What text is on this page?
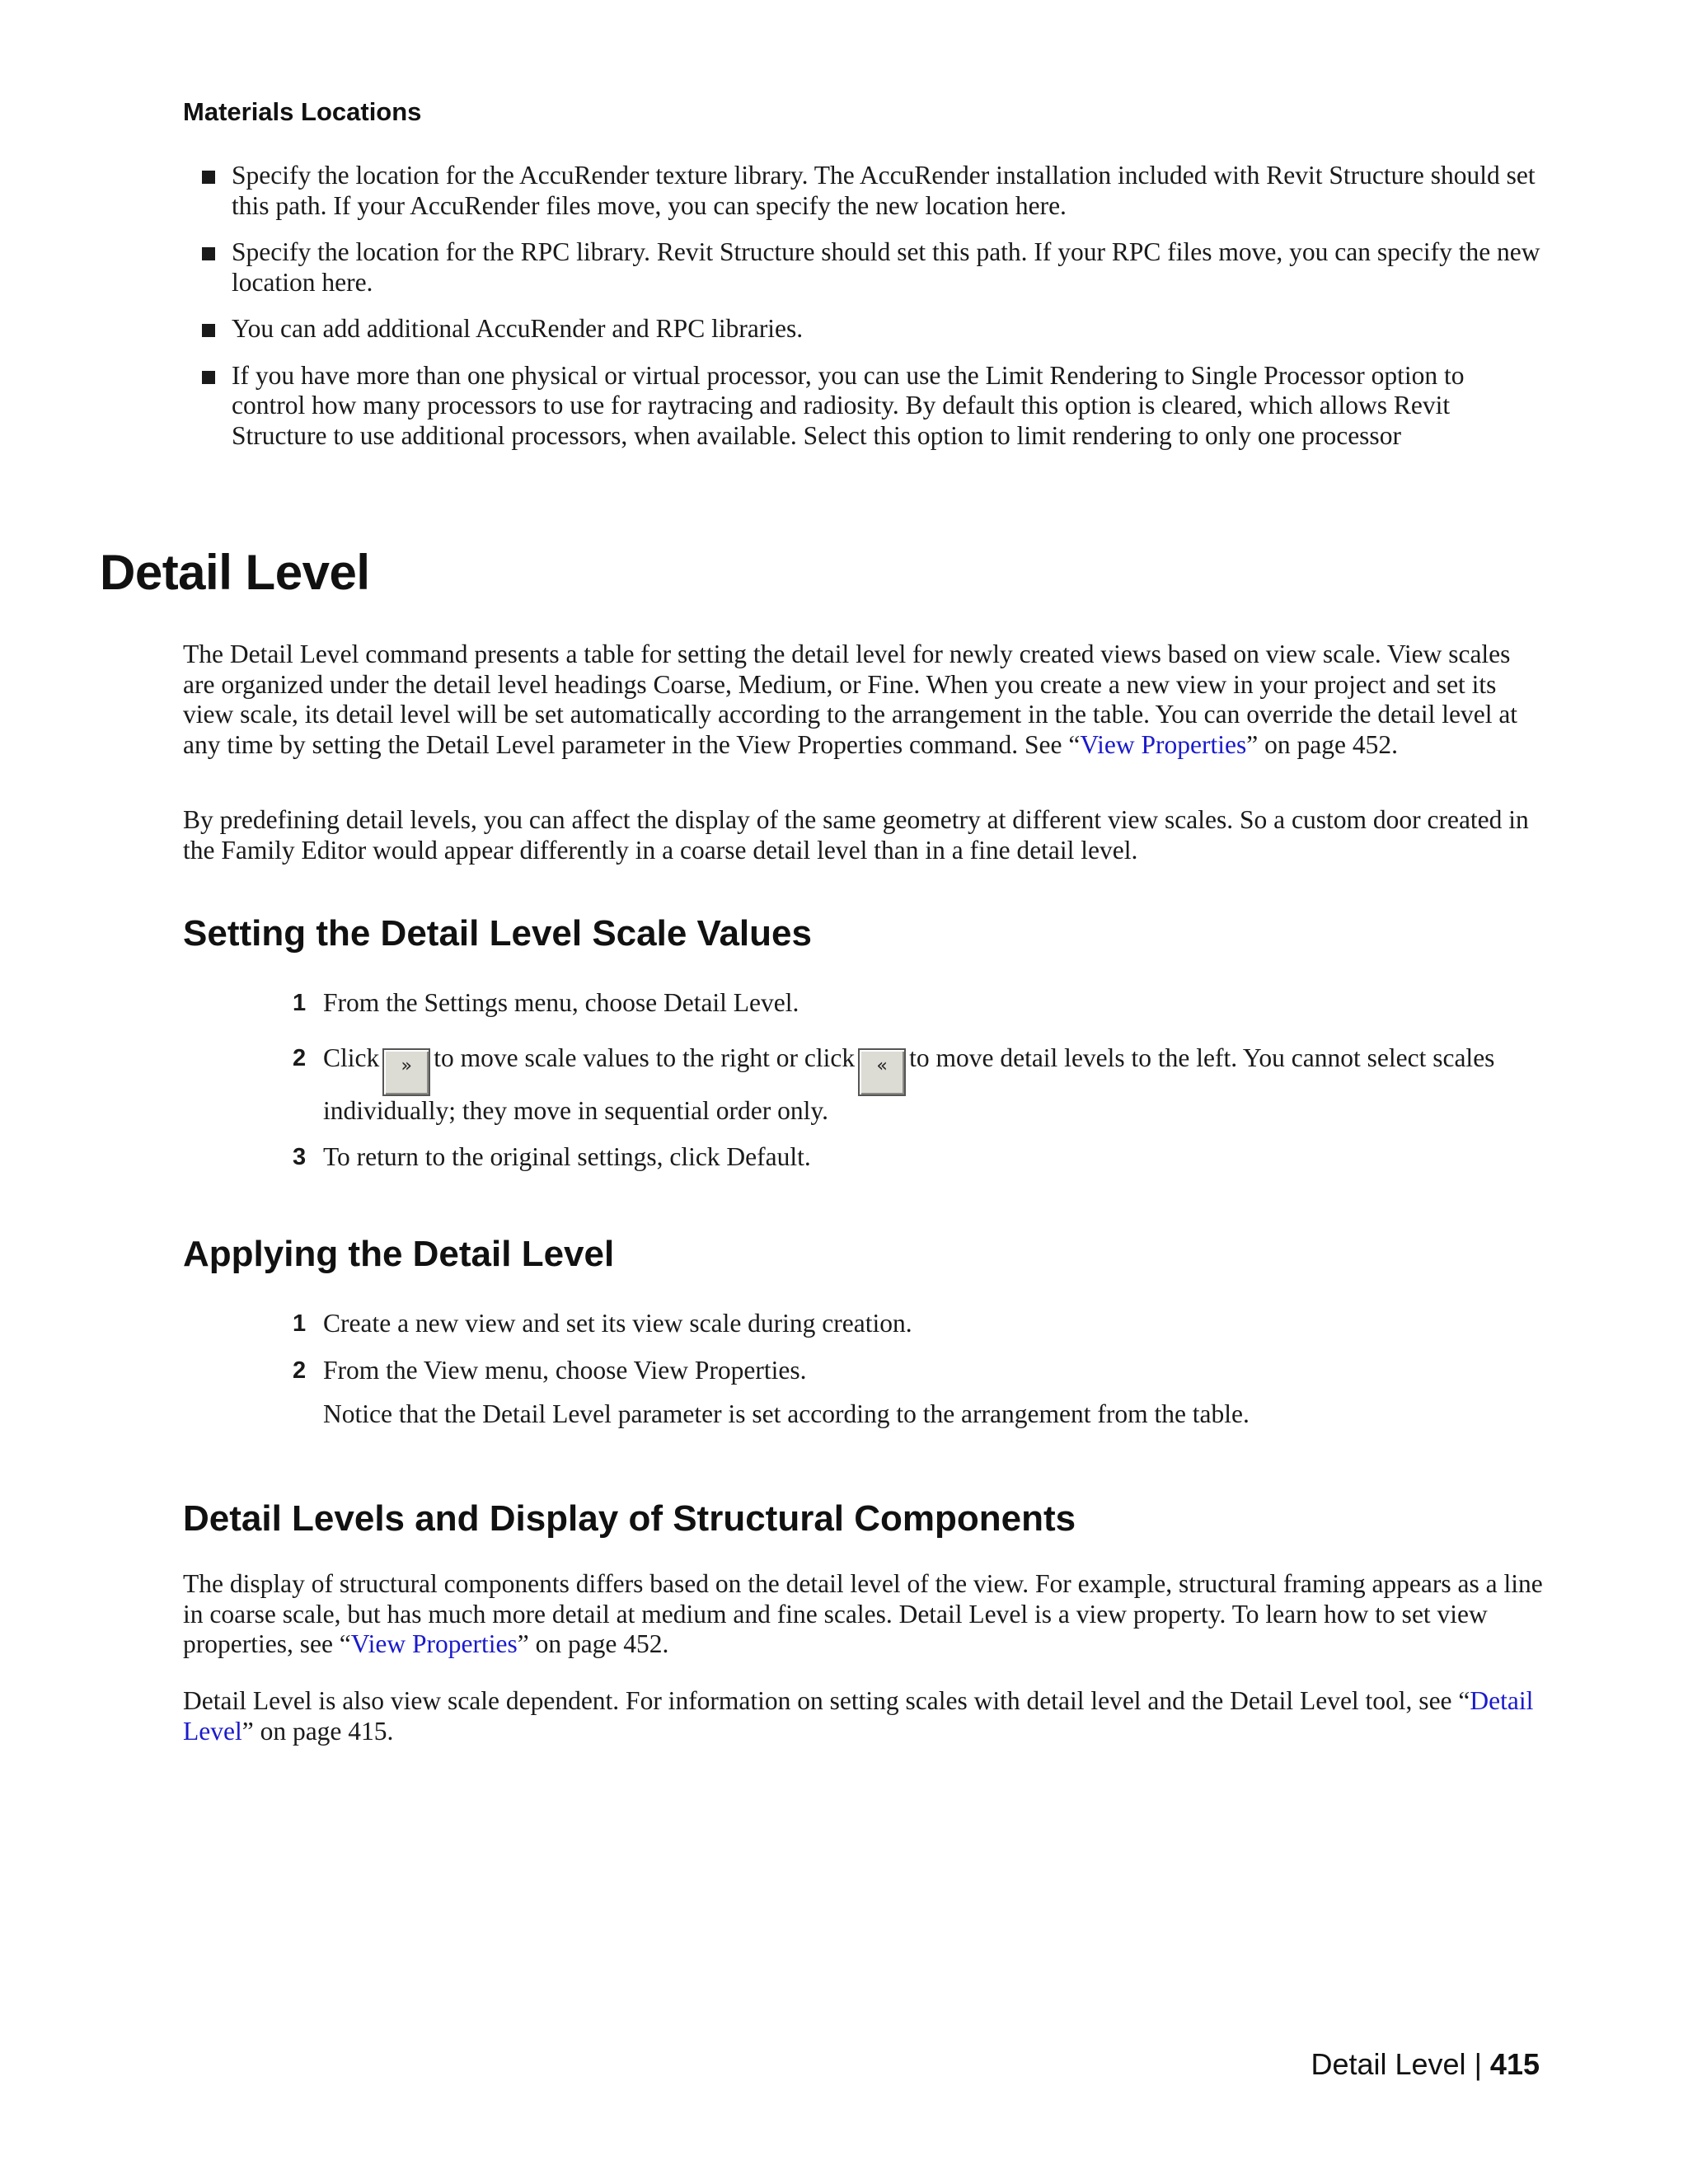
Materials Locations
Specify the location for the AccuRender texture library. The AccuRender installation included with Revit Structure should set this path. If your AccuRender files move, you can specify the new location here.
Specify the location for the RPC library. Revit Structure should set this path. If your RPC files move, you can specify the new location here.
You can add additional AccuRender and RPC libraries.
If you have more than one physical or virtual processor, you can use the Limit Rendering to Single Processor option to control how many processors to use for raytracing and radiosity. By default this option is cleared, which allows Revit Structure to use additional processors, when available. Select this option to limit rendering to only one processor
Detail Level

The Detail Level command presents a table for setting the detail level for newly created views based on view scale. View scales are organized under the detail level headings Coarse, Medium, or Fine. When you create a new view in your project and set its view scale, its detail level will be set automatically according to the arrangement in the table. You can override the detail level at any time by setting the Detail Level parameter in the View Properties command. See “View Properties” on page 452.

By predefining detail levels, you can affect the display of the same geometry at different view scales. So a custom door created in the Family Editor would appear differently in a coarse detail level than in a fine detail level.

Setting the Detail Level Scale Values
1 From the Settings menu, choose Detail Level.
2 Click » to move scale values to the right or click « to move detail levels to the left. You cannot select scales individually; they move in sequential order only.
3 To return to the original settings, click Default.
Applying the Detail Level
1 Create a new view and set its view scale during creation.
2 From the View menu, choose View Properties.

Notice that the Detail Level parameter is set according to the arrangement from the table.

Detail Levels and Display of Structural Components

The display of structural components differs based on the detail level of the view. For example, structural framing appears as a line in coarse scale, but has much more detail at medium and fine scales. Detail Level is a view property. To learn how to set view properties, see “View Properties” on page 452.

Detail Level is also view scale dependent. For information on setting scales with detail level and the Detail Level tool, see “Detail Level” on page 415.

Detail Level | 415
